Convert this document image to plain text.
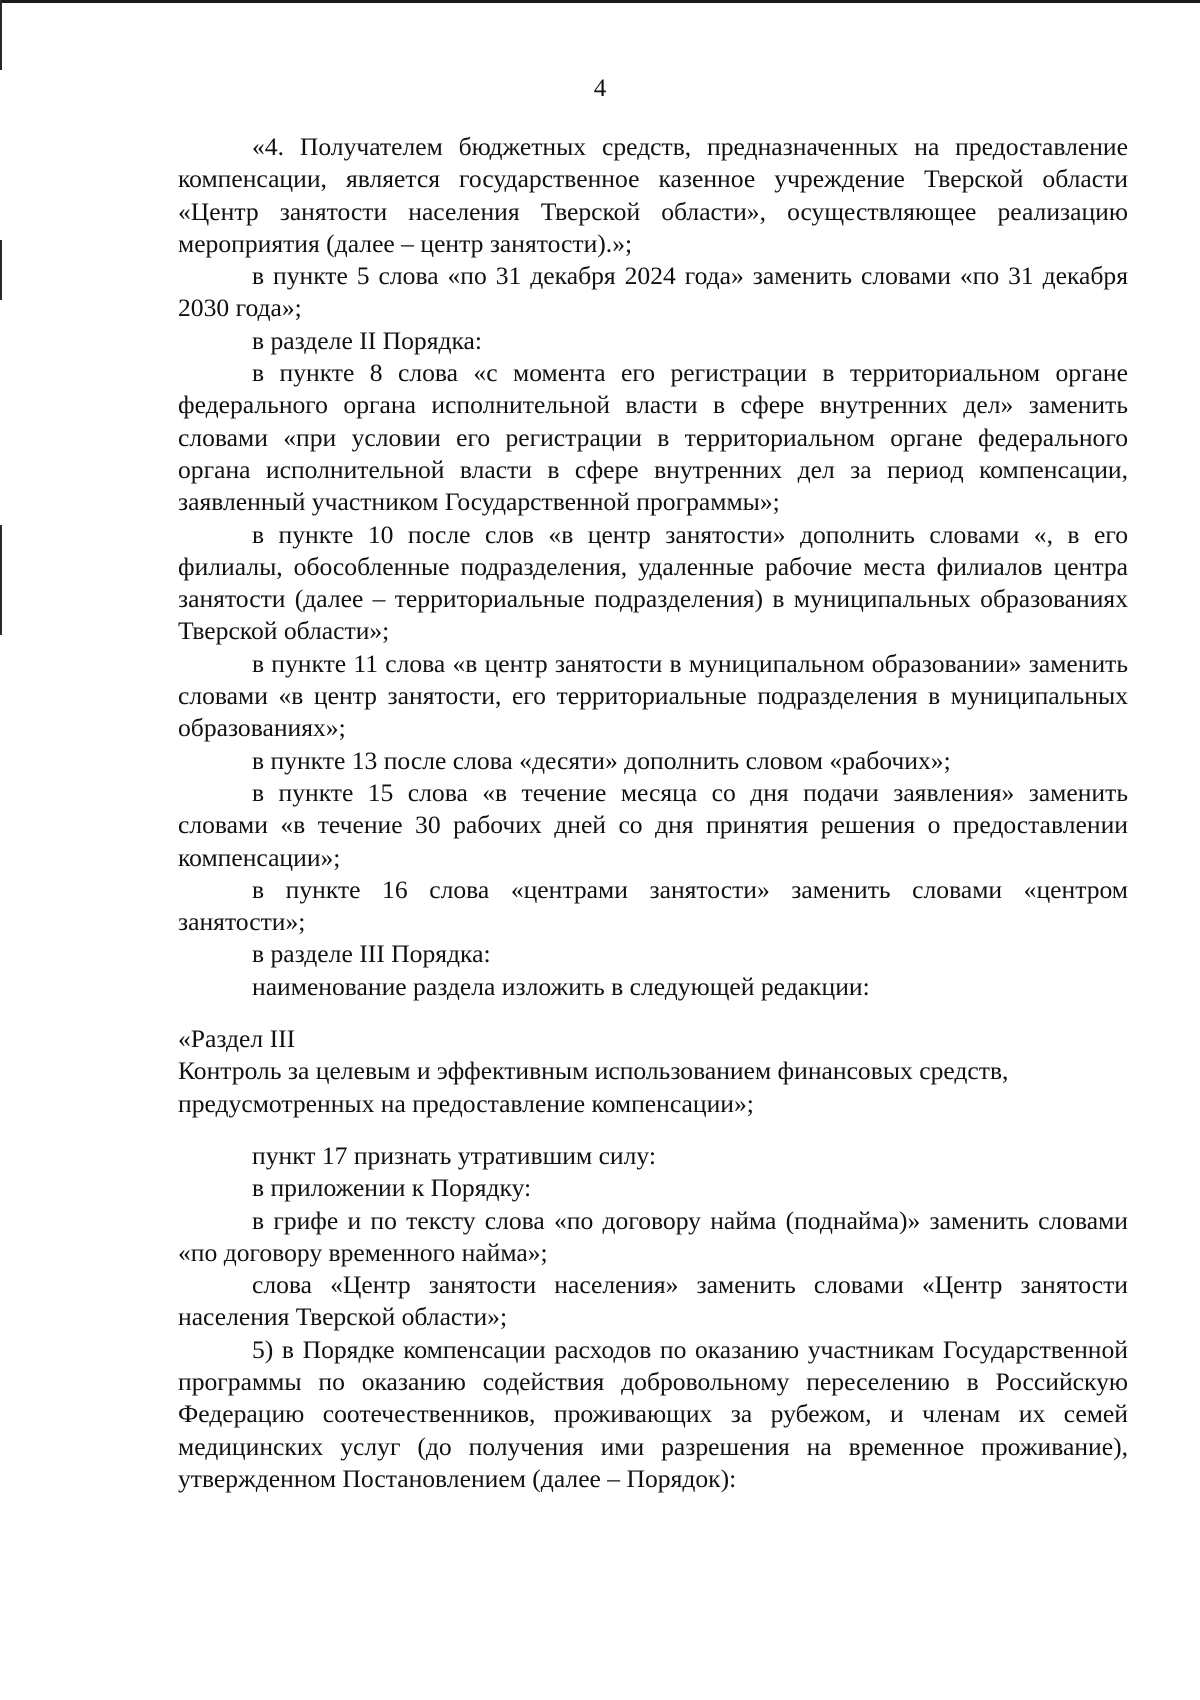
4

«4. Получателем бюджетных средств, предназначенных на предоставление компенсации, является государственное казенное учреждение Тверской области «Центр занятости населения Тверской области», осуществляющее реализацию мероприятия (далее – центр занятости).»;

в пункте 5 слова «по 31 декабря 2024 года» заменить словами «по 31 декабря 2030 года»;

в разделе II Порядка:

в пункте 8 слова «с момента его регистрации в территориальном органе федерального органа исполнительной власти в сфере внутренних дел» заменить словами «при условии его регистрации в территориальном органе федерального органа исполнительной власти в сфере внутренних дел за период компенсации, заявленный участником Государственной программы»;

в пункте 10 после слов «в центр занятости» дополнить словами «, в его филиалы, обособленные подразделения, удаленные рабочие места филиалов центра занятости (далее – территориальные подразделения) в муниципальных образованиях Тверской области»;

в пункте 11 слова «в центр занятости в муниципальном образовании» заменить словами «в центр занятости, его территориальные подразделения в муниципальных образованиях»;

в пункте 13 после слова «десяти» дополнить словом «рабочих»;

в пункте 15 слова «в течение месяца со дня подачи заявления» заменить словами «в течение 30 рабочих дней со дня принятия решения о предоставлении компенсации»;

в пункте 16 слова «центрами занятости» заменить словами «центром занятости»;

в разделе III Порядка:

наименование раздела изложить в следующей редакции:

«Раздел III

Контроль за целевым и эффективным использованием финансовых средств,

предусмотренных на предоставление компенсации»;

пункт 17 признать утратившим силу:

в приложении к Порядку:

в грифе и по тексту слова «по договору найма (поднайма)» заменить словами «по договору временного найма»;

слова «Центр занятости населения» заменить словами «Центр занятости населения Тверской области»;

5) в Порядке компенсации расходов по оказанию участникам Государственной программы по оказанию содействия добровольному переселению в Российскую Федерацию соотечественников, проживающих за рубежом, и членам их семей медицинских услуг (до получения ими разрешения на временное проживание), утвержденном Постановлением (далее – Порядок):
